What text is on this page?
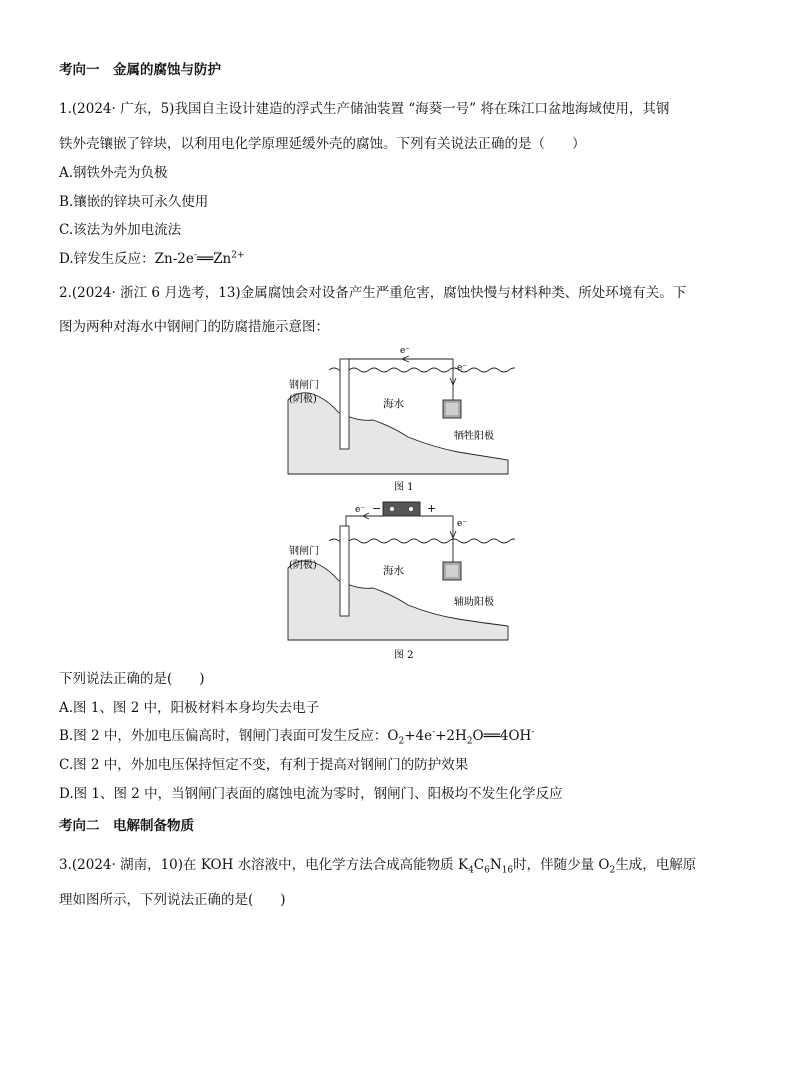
考向一　金属的腐蚀与防护
1.(2024· 广东，5)我国自主设计建造的浮式生产储油装置 “海葵一号” 将在珠江口盆地海域使用，其钢
铁外壳镶嵌了锌块，以利用电化学原理延缓外壳的腐蚀。下列有关说法正确的是（　　）
A.钢铁外壳为负极
B.镶嵌的锌块可永久使用
C.该法为外加电流法
D.锌发生反应：$Zn-2e^-══Zn^{2+}$
2.(2024· 浙江 6 月选考，13)金属腐蚀会对设备产生严重危害，腐蚀快慢与材料种类、所处环境有关。下
图为两种对海水中钢闸门的防腐措施示意图：
e⁻
e⁻
钢闸门
(阴极)	海水
牺牲阳极
图 1
e⁻ −	+
e⁻
钢闸门
(阴极)	海水
辅助阳极
图 2
下列说法正确的是(　　)
A.图 1、图 2 中，阳极材料本身均失去电子
B.图 2 中，外加电压偏高时，钢闸门表面可发生反应：$O_2+4e^-+2H_2O══4OH^-$
C.图 2 中，外加电压保持恒定不变，有利于提高对钢闸门的防护效果
D.图 1、图 2 中，当钢闸门表面的腐蚀电流为零时，钢闸门、阳极均不发生化学反应
考向二　电解制备物质
3.(2024· 湖南，10)在 KOH 水溶液中，电化学方法合成高能物质 $K_4C_6N_{16}$时，伴随少量 $O_2$生成，电解原
理如图所示，下列说法正确的是(　　)
